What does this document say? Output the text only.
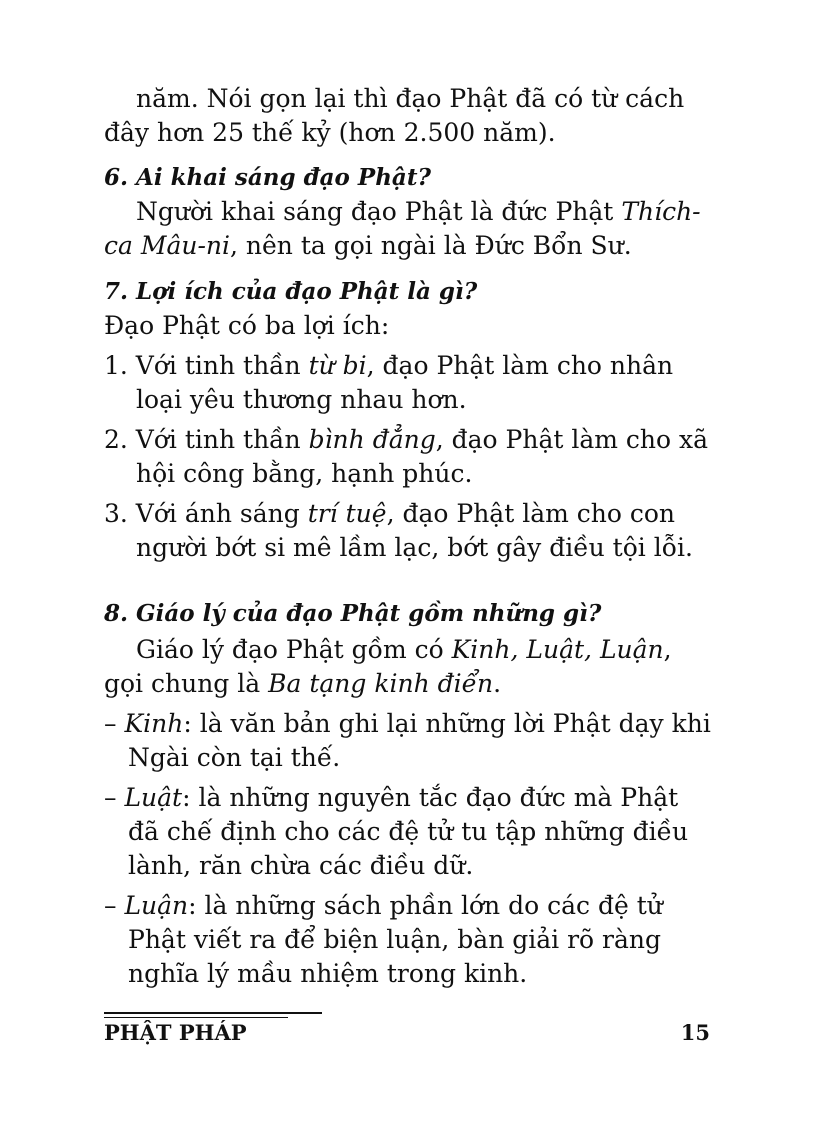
năm. Nói gọn lại thì đạo Phật đã có từ cách đây hơn 25 thế kỷ (hơn 2.500 năm).

6. Ai khai sáng đạo Phật?

Người khai sáng đạo Phật là đức Phật Thích-ca Mâu-ni, nên ta gọi ngài là Đức Bổn Sư.

7. Lợi ích của đạo Phật là gì?

Đạo Phật có ba lợi ích:

1. Với tinh thần từ bi, đạo Phật làm cho nhân loại yêu thương nhau hơn.

2. Với tinh thần bình đẳng, đạo Phật làm cho xã hội công bằng, hạnh phúc.

3. Với ánh sáng trí tuệ, đạo Phật làm cho con người bớt si mê lầm lạc, bớt gây điều tội lỗi.

8. Giáo lý của đạo Phật gồm những gì?

Giáo lý đạo Phật gồm có Kinh, Luật, Luận, gọi chung là Ba tạng kinh điển.

– Kinh: là văn bản ghi lại những lời Phật dạy khi Ngài còn tại thế.

– Luật: là những nguyên tắc đạo đức mà Phật đã chế định cho các đệ tử tu tập những điều lành, răn chừa các điều dữ.

– Luận: là những sách phần lớn do các đệ tử Phật viết ra để biện luận, bàn giải rõ ràng nghĩa lý mầu nhiệm trong kinh.

PHẬT PHÁP	15
